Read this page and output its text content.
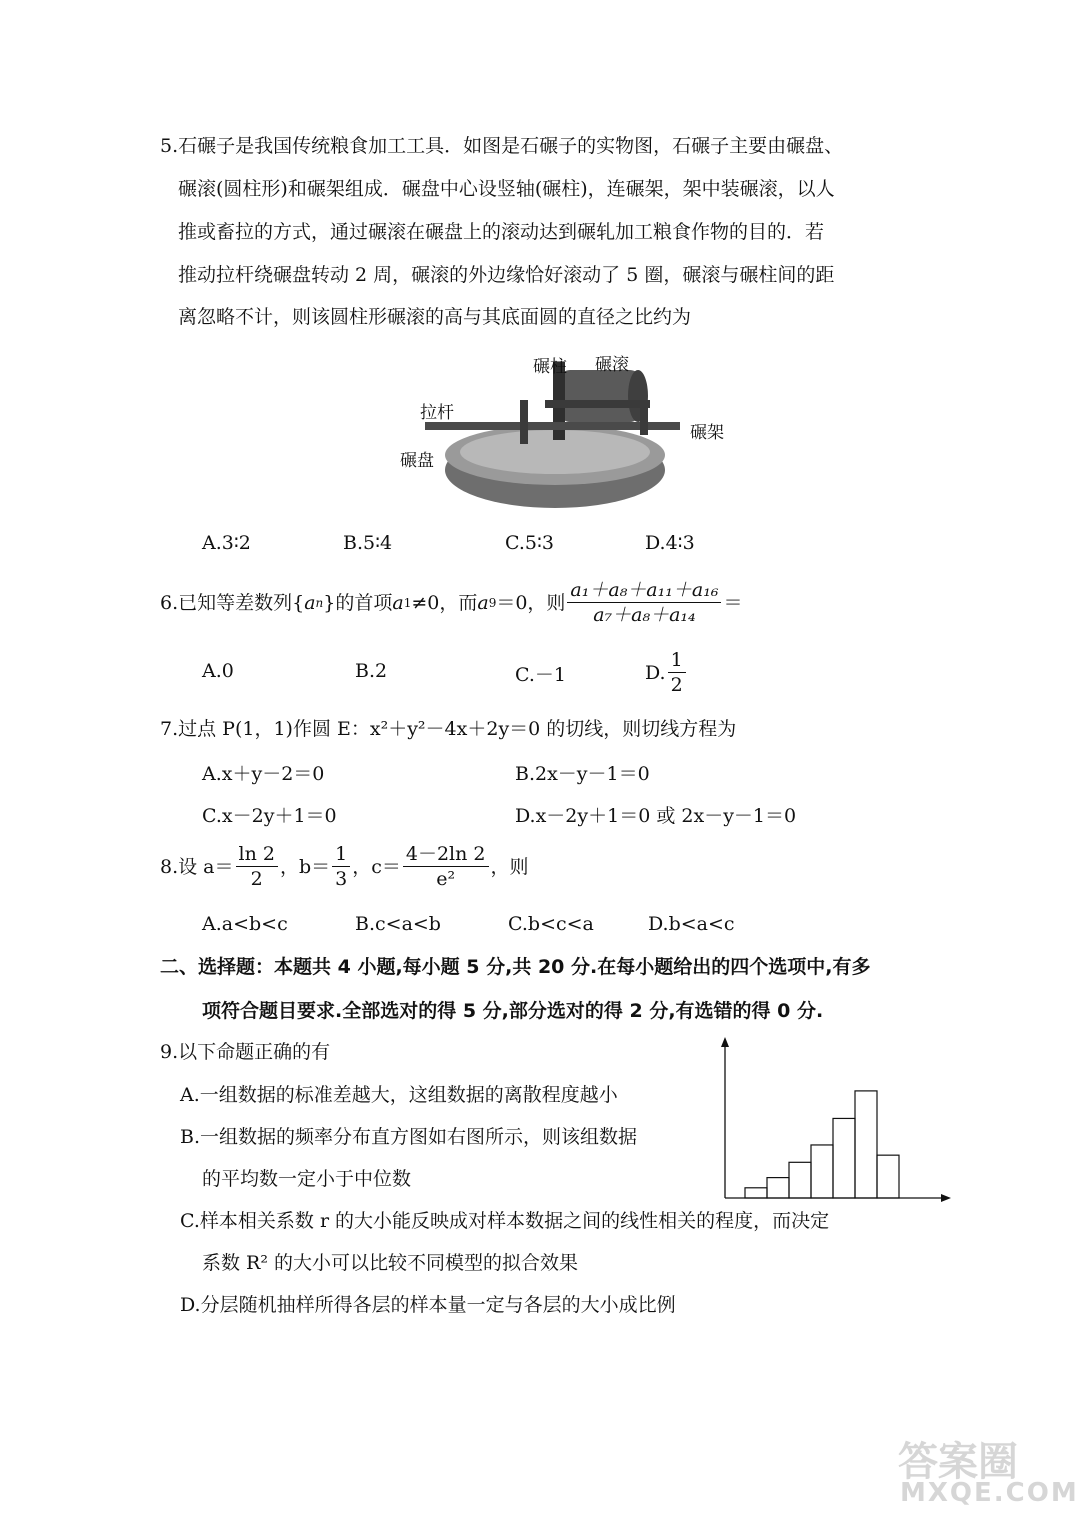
5.石碾子是我国传统粮食加工工具．如图是石碾子的实物图，石碾子主要由碾盘、
碾滚(圆柱形)和碾架组成．碾盘中心设竖轴(碾柱)，连碾架，架中装碾滚，以人
推或畜拉的方式，通过碾滚在碾盘上的滚动达到碾轧加工粮食作物的目的．若
推动拉杆绕碾盘转动 2 周，碾滚的外边缘恰好滚动了 5 圈，碾滚与碾柱间的距
离忽略不计，则该圆柱形碾滚的高与其底面圆的直径之比约为
碾柱 碾滚
拉杆
碾架
碾盘
A.3∶2	B.5∶4	C.5∶3	D.4∶3
6.已知等差数列{ a n }的首项 a 1 ≠0，而 a 9 ＝0，则 $\frac{\text{a₁＋a₈＋a₁₁＋a₁₆}}{\text{a₇＋a₈＋a₁₄}}$ ＝
A.0	B.2	C.－1	D. $\frac{1}{2}$
7.过点 P(1，1)作圆 E：x²＋y²－4x＋2y＝0 的切线，则切线方程为
A.x＋y－2＝0	B.2x－y－1＝0
C.x－2y＋1＝0	D.x－2y＋1＝0 或 2x－y－1＝0
8.设 $a= \frac{\ln 2}{2}$ ，$b= \frac{1}{3}$ ，$c= \frac{4-2\ln 2}{\text{e²}}$ ，则
A.a<b<c	B.c<a<b	C.b<c<a	D.b<a<c
二、选择题：本题共 4 小题,每小题 5 分,共 20 分.在每小题给出的四个选项中,有多
项符合题目要求.全部选对的得 5 分,部分选对的得 2 分,有选错的得 0 分.
9.以下命题正确的有
A.一组数据的标准差越大，这组数据的离散程度越小
B.一组数据的频率分布直方图如右图所示，则该组数据
的平均数一定小于中位数
C.样本相关系数 r 的大小能反映成对样本数据之间的线性相关的程度，而决定
系数 R² 的大小可以比较不同模型的拟合效果
D.分层随机抽样所得各层的样本量一定与各层的大小成比例
答案圈
MXQE.COM
